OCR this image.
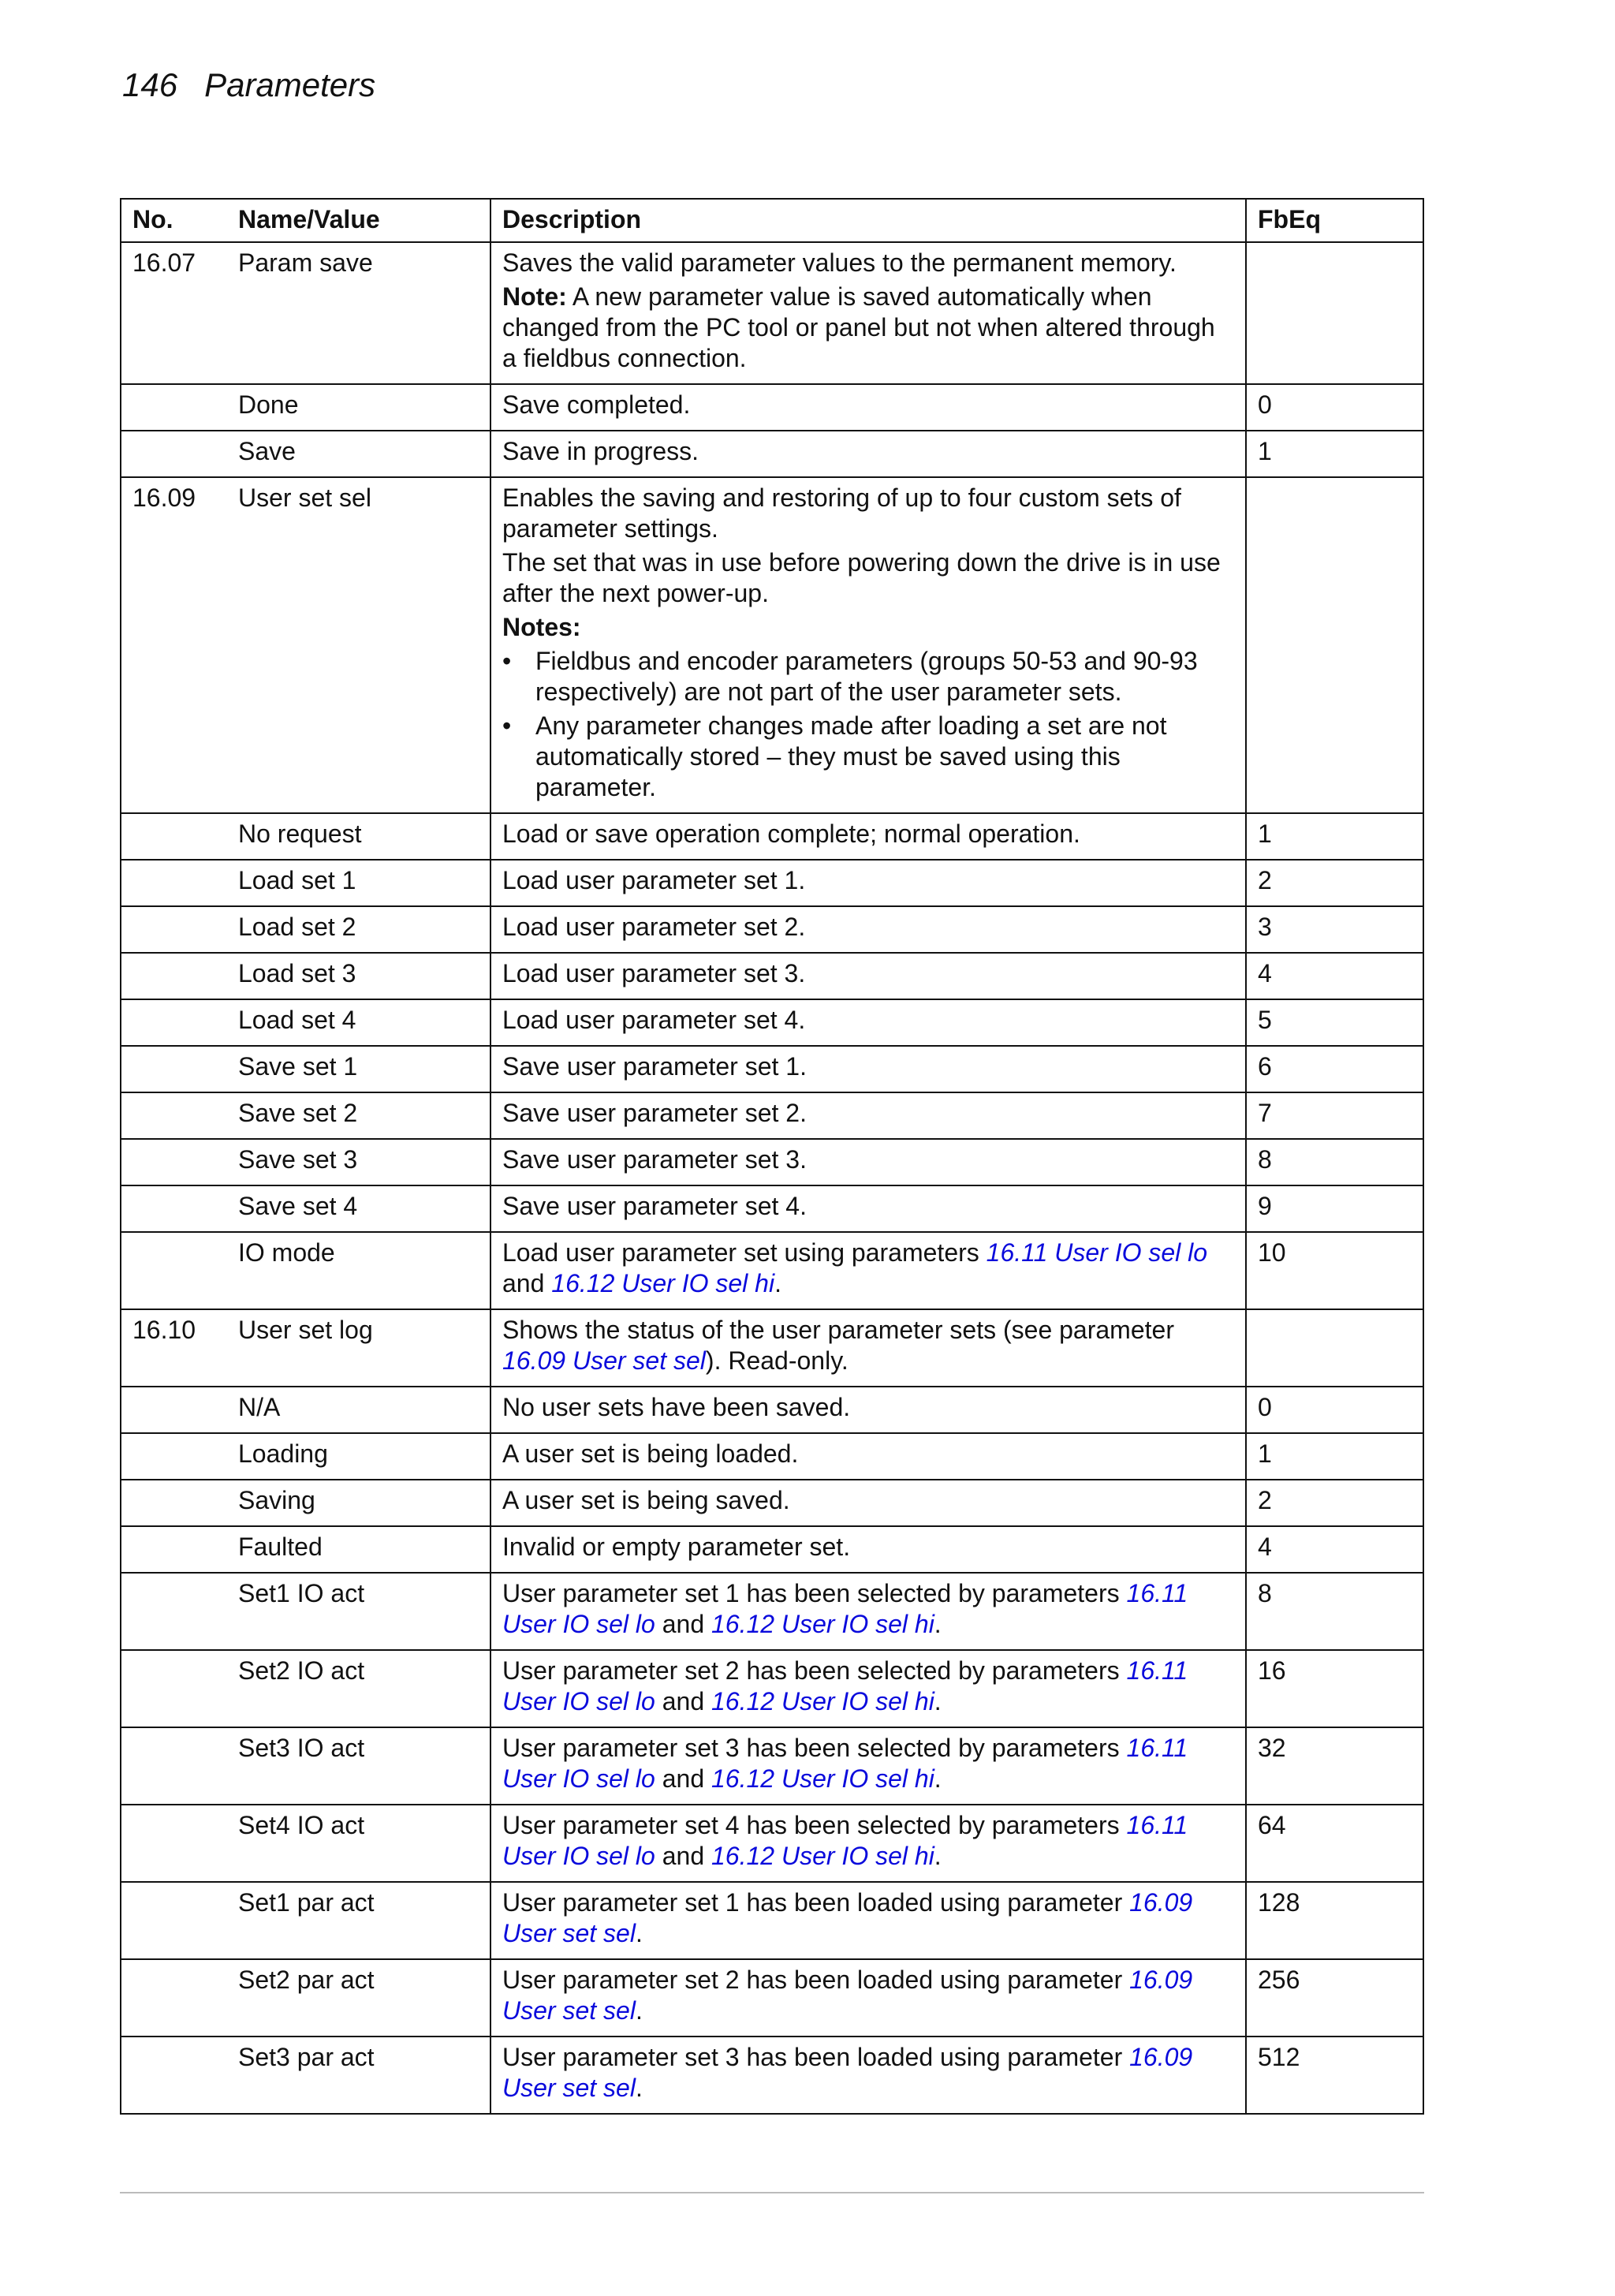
146 Parameters
No.	Name/Value	Description	FbEq
16.07	Param save	Saves the valid parameter values to the permanent memory.
Note: A new parameter value is saved automatically when changed from the PC tool or panel but not when altered through a fieldbus connection.	

	Done	Save completed.	0
	Save	Save in progress.	1
16.09	User set sel	Enables the saving and restoring of up to four custom sets of parameter settings.
The set that was in use before powering down the drive is in use after the next power-up.
Notes:
• Fieldbus and encoder parameters (groups 50-53 and 90-93 respectively) are not part of the user parameter sets.
• Any parameter changes made after loading a set are not automatically stored – they must be saved using this parameter.

	No request	Load or save operation complete; normal operation.	1
	Load set 1	Load user parameter set 1.	2
	Load set 2	Load user parameter set 2.	3
	Load set 3	Load user parameter set 3.	4
	Load set 4	Load user parameter set 4.	5
	Save set 1	Save user parameter set 1.	6
	Save set 2	Save user parameter set 2.	7
	Save set 3	Save user parameter set 3.	8
	Save set 4	Save user parameter set 4.	9
	IO mode	Load user parameter set using parameters 16.11 User IO sel lo and 16.12 User IO sel hi.	10
16.10	User set log	Shows the status of the user parameter sets (see parameter 16.09 User set sel). Read-only.	

	N/A	No user sets have been saved.	0
	Loading	A user set is being loaded.	1
	Saving	A user set is being saved.	2
	Faulted	Invalid or empty parameter set.	4
	Set1 IO act	User parameter set 1 has been selected by parameters 16.11 User IO sel lo and 16.12 User IO sel hi.	8
	Set2 IO act	User parameter set 2 has been selected by parameters 16.11 User IO sel lo and 16.12 User IO sel hi.	16
	Set3 IO act	User parameter set 3 has been selected by parameters 16.11 User IO sel lo and 16.12 User IO sel hi.	32
	Set4 IO act	User parameter set 4 has been selected by parameters 16.11 User IO sel lo and 16.12 User IO sel hi.	64
	Set1 par act	User parameter set 1 has been loaded using parameter 16.09 User set sel.	128
	Set2 par act	User parameter set 2 has been loaded using parameter 16.09 User set sel.	256
	Set3 par act	User parameter set 3 has been loaded using parameter 16.09 User set sel.	512
